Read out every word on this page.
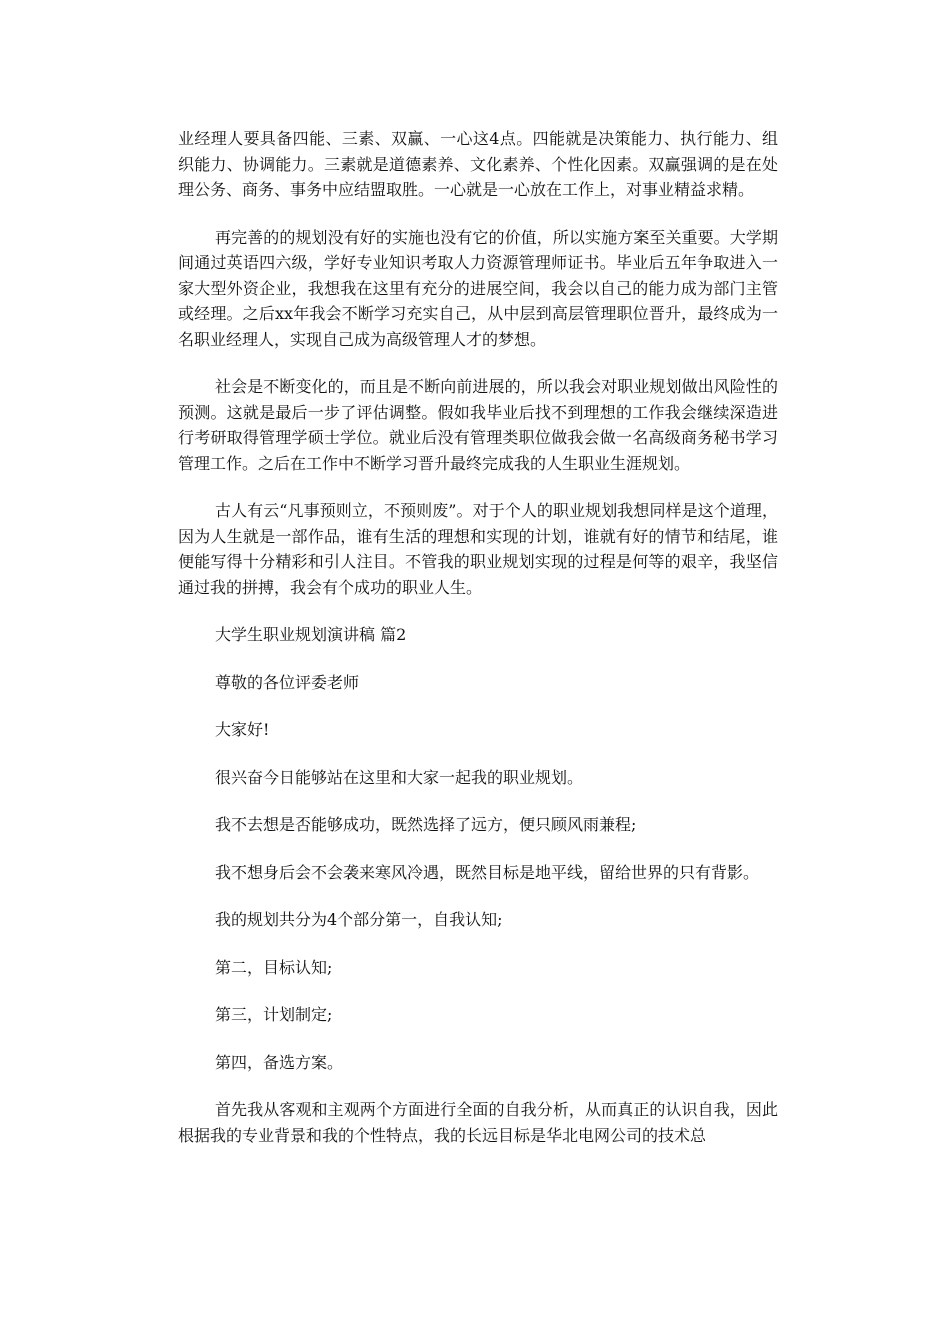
业经理人要具备四能、三素、双赢、一心这4点。四能就是决策能力、执行能力、组织能力、协调能力。三素就是道德素养、文化素养、个性化因素。双赢强调的是在处理公务、商务、事务中应结盟取胜。一心就是一心放在工作上，对事业精益求精。

再完善的的规划没有好的实施也没有它的价值，所以实施方案至关重要。大学期间通过英语四六级，学好专业知识考取人力资源管理师证书。毕业后五年争取进入一家大型外资企业，我想我在这里有充分的进展空间，我会以自己的能力成为部门主管或经理。之后xx年我会不断学习充实自己，从中层到高层管理职位晋升，最终成为一名职业经理人，实现自己成为高级管理人才的梦想。

社会是不断变化的，而且是不断向前进展的，所以我会对职业规划做出风险性的预测。这就是最后一步了评估调整。假如我毕业后找不到理想的工作我会继续深造进行考研取得管理学硕士学位。就业后没有管理类职位做我会做一名高级商务秘书学习管理工作。之后在工作中不断学习晋升最终完成我的人生职业生涯规划。

古人有云“凡事预则立，不预则废”。对于个人的职业规划我想同样是这个道理，因为人生就是一部作品，谁有生活的理想和实现的计划，谁就有好的情节和结尾，谁便能写得十分精彩和引人注目。不管我的职业规划实现的过程是何等的艰辛，我坚信通过我的拼搏，我会有个成功的职业人生。

大学生职业规划演讲稿 篇2

尊敬的各位评委老师

大家好!

很兴奋今日能够站在这里和大家一起我的职业规划。

我不去想是否能够成功，既然选择了远方，便只顾风雨兼程;

我不想身后会不会袭来寒风冷遇，既然目标是地平线，留给世界的只有背影。

我的规划共分为4个部分第一，自我认知;

第二，目标认知;

第三，计划制定;

第四，备选方案。

首先我从客观和主观两个方面进行全面的自我分析，从而真正的认识自我，因此根据我的专业背景和我的个性特点，我的长远目标是华北电网公司的技术总
